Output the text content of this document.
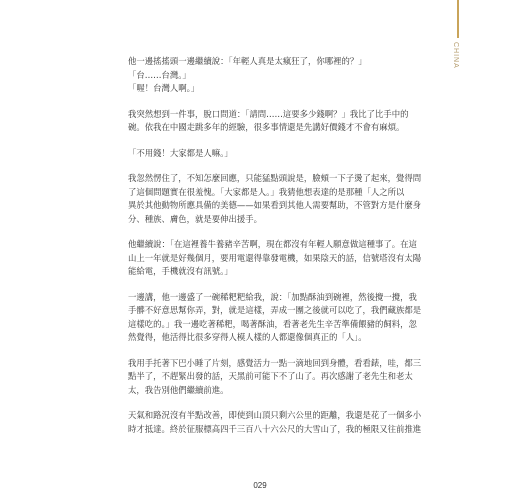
CHINA
他一邊搖搖頭一邊繼續說：「年輕人真是太瘋狂了，你哪裡的？」
「台……台灣。」
「喔！台灣人啊。」
我突然想到一件事，脫口問道：「請問……這要多少錢啊？」我比了比手中的
碗。依我在中國走跳多年的經驗，很多事情還是先講好價錢才不會有麻煩。
「不用錢！大家都是人嘛。」
我忽然愣住了，不知怎麼回應，只能猛點頭說是，臉頰一下子燙了起來，覺得問
了這個問題實在很羞愧。「大家都是人。」我猜他想表達的是那種「人之所以
異於其他動物所應具備的美德——如果看到其他人需要幫助，不管對方是什麼身
分、種族、膚色，就是要伸出援手。
他繼續說：「在這裡養牛養豬辛苦啊，現在都沒有年輕人願意做這種事了。在這
山上一年就是好幾個月，要用電還得靠發電機，如果陰天的話，信號塔沒有太陽
能給電，手機就沒有訊號。」
一邊講，他一邊盛了一碗稀粑粑給我，說：「加點酥油到碗裡，然後攪一攪，我
手髒不好意思幫你弄，對，就是這樣，弄成一團之後就可以吃了，我們藏族都是
這樣吃的。」我一邊吃著稀粑，喝著酥油，看著老先生辛苦準備餵豬的飼料，忽
然覺得，他活得比很多穿得人模人樣的人都還像個真正的「人」。
我用手托著下巴小睡了片刻，感覺活力一點一滴地回到身體，看看錶，哇，都三
點半了，不趕緊出發的話，天黑前可能下不了山了。再次感謝了老先生和老太
太，我告別他們繼續前進。
天氣和路況沒有半點改善，即使到山頂只剩六公里的距離，我還是花了一個多小
時才抵達。終於征服標高四千三百八十六公尺的大雪山了，我的極限又往前推進
029
